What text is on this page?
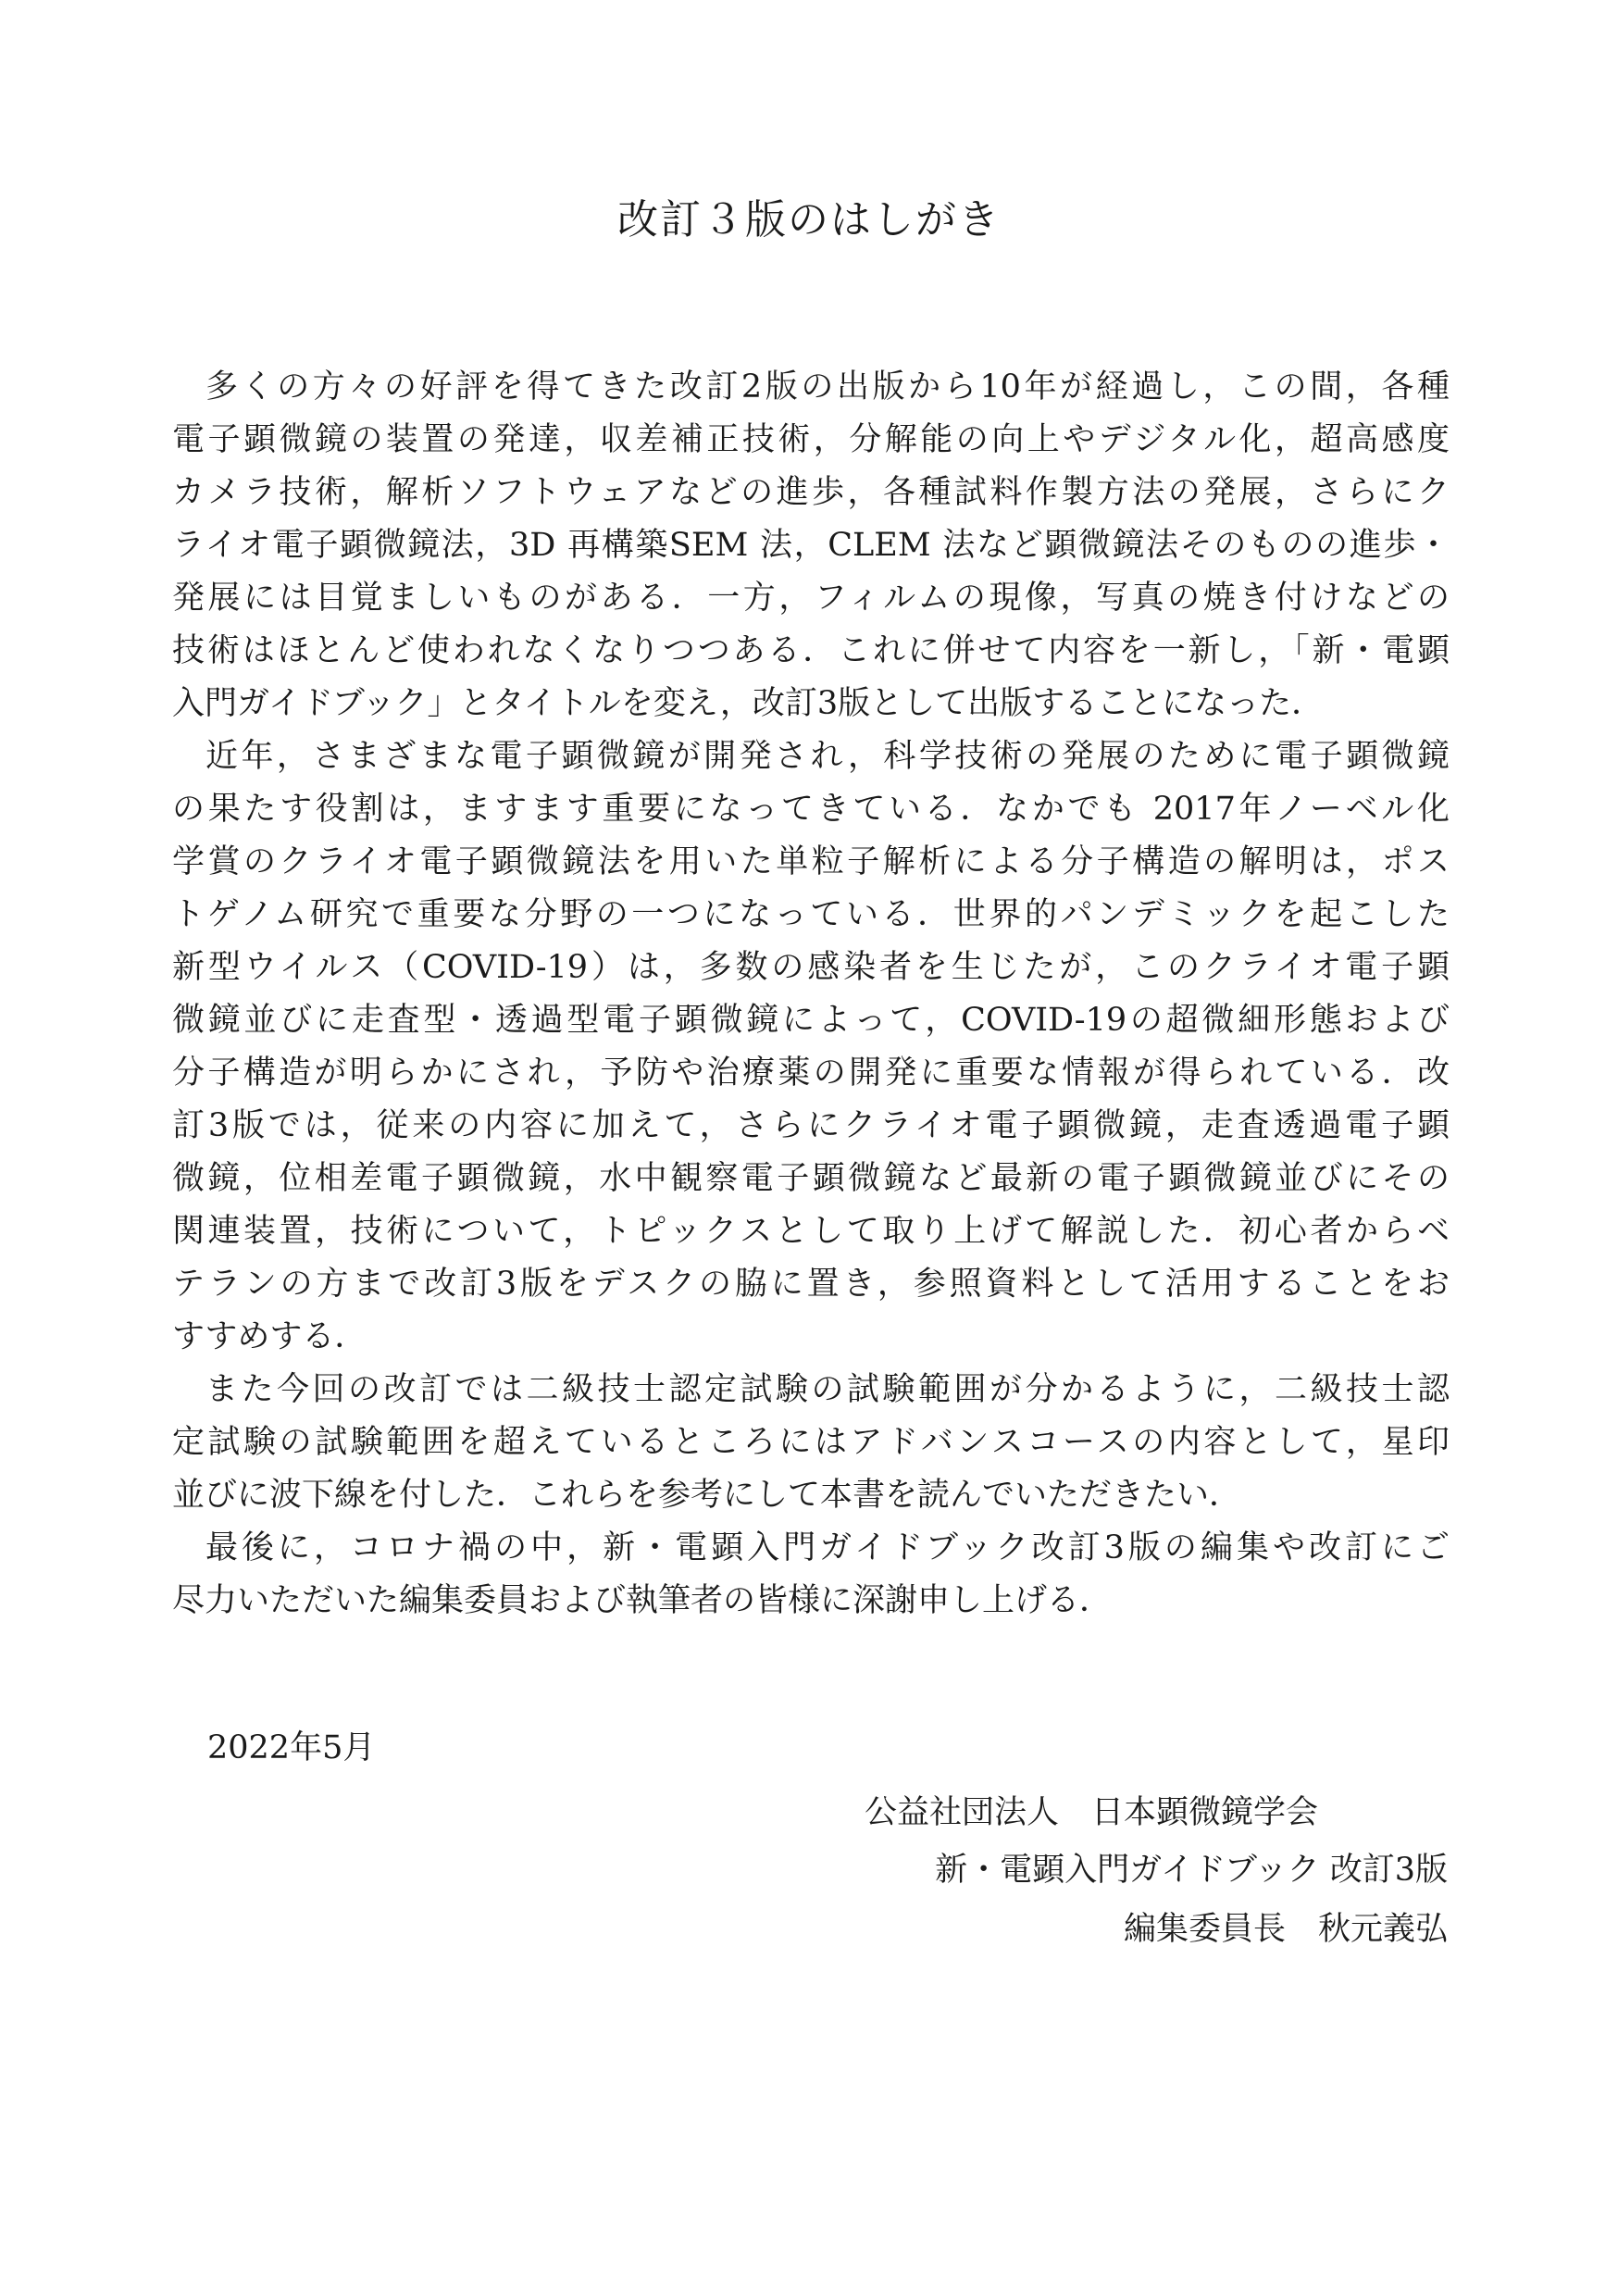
改訂３版のはしがき
多くの方々の好評を得てきた改訂2版の出版から10年が経過し，この間，各種
電子顕微鏡の装置の発達，収差補正技術，分解能の向上やデジタル化，超高感度
カメラ技術，解析ソフトウェアなどの進歩，各種試料作製方法の発展，さらにク
ライオ電子顕微鏡法，3D 再構築SEM 法，CLEM 法など顕微鏡法そのものの進歩・
発展には目覚ましいものがある．一方，フィルムの現像，写真の焼き付けなどの
技術はほとんど使われなくなりつつある．これに併せて内容を一新し，「新・電顕
入門ガイドブック」とタイトルを変え，改訂3版として出版することになった．
近年，さまざまな電子顕微鏡が開発され，科学技術の発展のために電子顕微鏡
の果たす役割は，ますます重要になってきている．なかでも 2017年ノーベル化
学賞のクライオ電子顕微鏡法を用いた単粒子解析による分子構造の解明は，ポス
トゲノム研究で重要な分野の一つになっている．世界的パンデミックを起こした
新型ウイルス（COVID-19）は，多数の感染者を生じたが，このクライオ電子顕
微鏡並びに走査型・透過型電子顕微鏡によって，COVID-19の超微細形態および
分子構造が明らかにされ，予防や治療薬の開発に重要な情報が得られている．改
訂3版では，従来の内容に加えて，さらにクライオ電子顕微鏡，走査透過電子顕
微鏡，位相差電子顕微鏡，水中観察電子顕微鏡など最新の電子顕微鏡並びにその
関連装置，技術について，トピックスとして取り上げて解説した．初心者からベ
テランの方まで改訂3版をデスクの脇に置き，参照資料として活用することをお
すすめする．
また今回の改訂では二級技士認定試験の試験範囲が分かるように，二級技士認
定試験の試験範囲を超えているところにはアドバンスコースの内容として，星印
並びに波下線を付した．これらを参考にして本書を読んでいただきたい．
最後に，コロナ禍の中，新・電顕入門ガイドブック改訂3版の編集や改訂にご
尽力いただいた編集委員および執筆者の皆様に深謝申し上げる．
2022年5月
公益社団法人　日本顕微鏡学会
新・電顕入門ガイドブック 改訂3版
編集委員長　秋元義弘
